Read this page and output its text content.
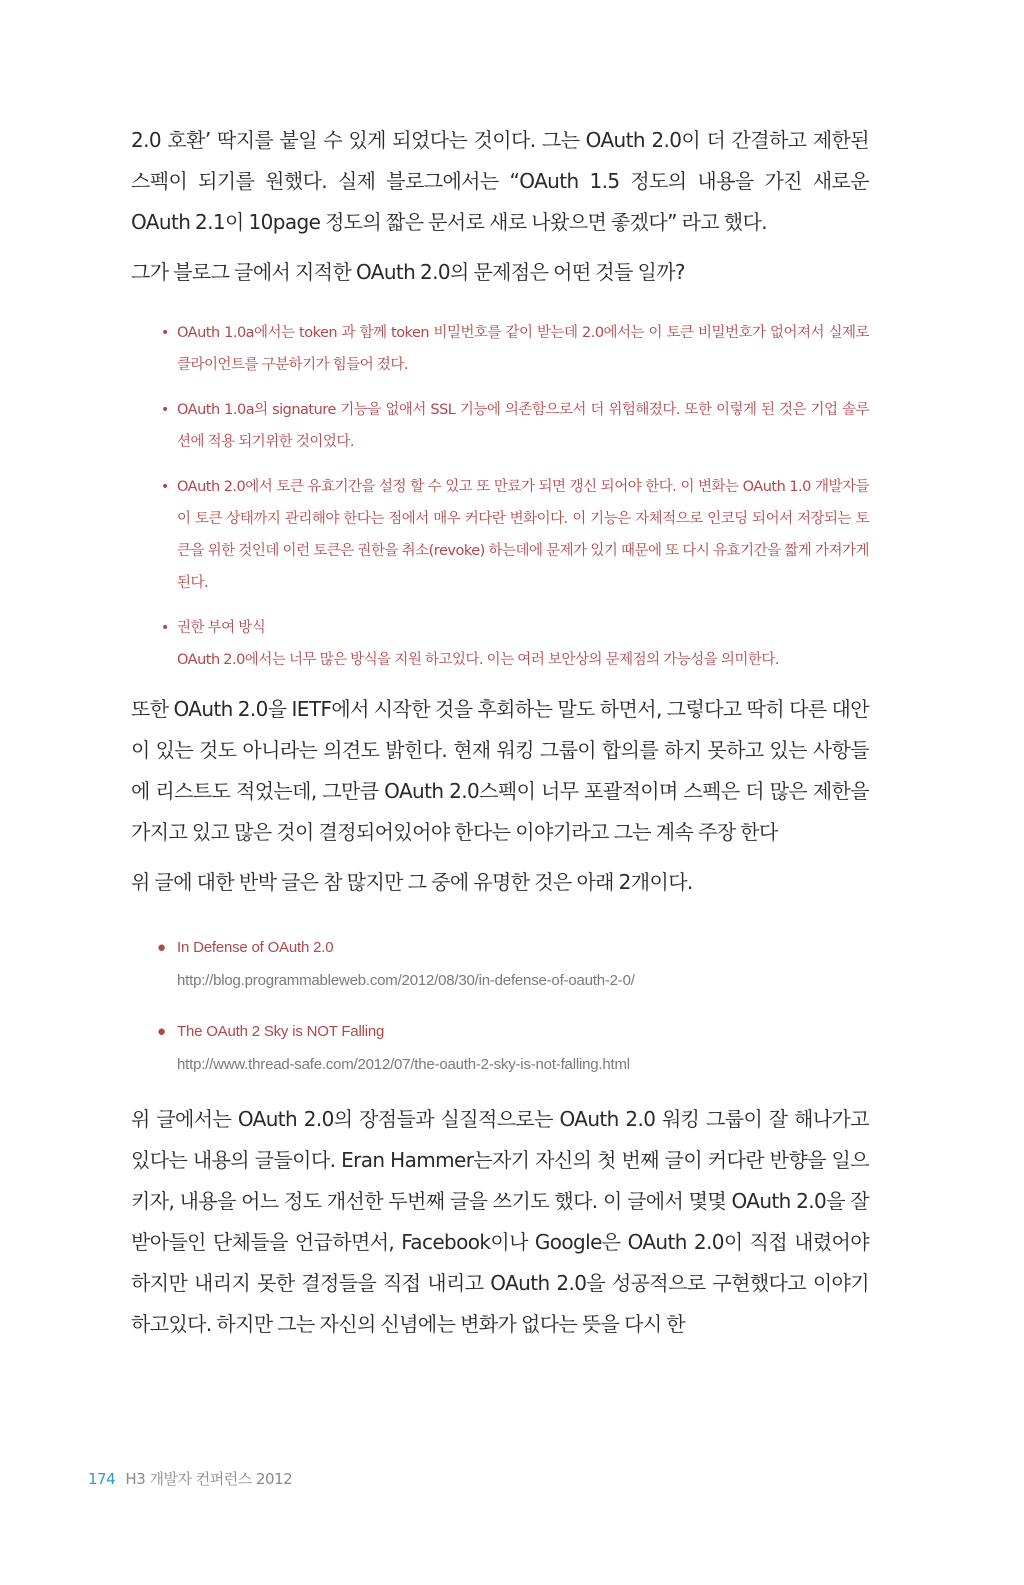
2.0 호환’ 딱지를 붙일 수 있게 되었다는 것이다. 그는 OAuth 2.0이 더 간결하고 제한된 스펙이 되기를 원했다. 실제 블로그에서는 “OAuth 1.5 정도의 내용을 가진 새로운 OAuth 2.1이 10page 정도의 짧은 문서로 새로 나왔으면 좋겠다” 라고 했다.

그가 블로그 글에서 지적한 OAuth 2.0의 문제점은 어떤 것들 일까?

• OAuth 1.0a에서는 token 과 함께 token 비밀번호를 같이 받는데 2.0에서는 이 토큰 비밀번호가 없어져서 실제로 클라이언트를 구분하기가 힘들어 졌다.
• OAuth 1.0a의 signature 기능을 없애서 SSL 기능에 의존함으로서 더 위험해졌다. 또한 이렇게 된 것은 기업 솔루션에 적용 되기위한 것이었다.
• OAuth 2.0에서 토큰 유효기간을 설정 할 수 있고 또 만료가 되면 갱신 되어야 한다. 이 변화는 OAuth 1.0 개발자들이 토큰 상태까지 관리해야 한다는 점에서 매우 커다란 변화이다. 이 기능은 자체적으로 인코딩 되어서 저장되는 토큰을 위한 것인데 이런 토큰은 권한을 취소(revoke) 하는데에 문제가 있기 때문에 또 다시 유효기간을 짧게 가져가게 된다.
• 권한 부여 방식
OAuth 2.0에서는 너무 많은 방식을 지원 하고있다. 이는 여러 보안상의 문제점의 가능성을 의미한다.

또한 OAuth 2.0을 IETF에서 시작한 것을 후회하는 말도 하면서, 그렇다고 딱히 다른 대안이 있는 것도 아니라는 의견도 밝힌다. 현재 워킹 그룹이 합의를 하지 못하고 있는 사항들에 리스트도 적었는데, 그만큼 OAuth 2.0스펙이 너무 포괄적이며 스펙은 더 많은 제한을 가지고 있고 많은 것이 결정되어있어야 한다는 이야기라고 그는 계속 주장 한다

위 글에 대한 반박 글은 참 많지만 그 중에 유명한 것은 아래 2개이다.

● In Defense of OAuth 2.0
http://blog.programmableweb.com/2012/08/30/in-defense-of-oauth-2-0/
● The OAuth 2 Sky is NOT Falling
http://www.thread-safe.com/2012/07/the-oauth-2-sky-is-not-falling.html

위 글에서는 OAuth 2.0의 장점들과 실질적으로는 OAuth 2.0 워킹 그룹이 잘 해나가고 있다는 내용의 글들이다. Eran Hammer는자기 자신의 첫 번째 글이 커다란 반향을 일으키자, 내용을 어느 정도 개선한 두번째 글을 쓰기도 했다. 이 글에서 몇몇 OAuth 2.0을 잘 받아들인 단체들을 언급하면서, Facebook이나 Google은 OAuth 2.0이 직접 내렸어야 하지만 내리지 못한 결정들을 직접 내리고 OAuth 2.0을 성공적으로 구현했다고 이야기 하고있다. 하지만 그는 자신의 신념에는 변화가 없다는 뜻을 다시 한

174 H3 개발자 컨퍼런스 2012
